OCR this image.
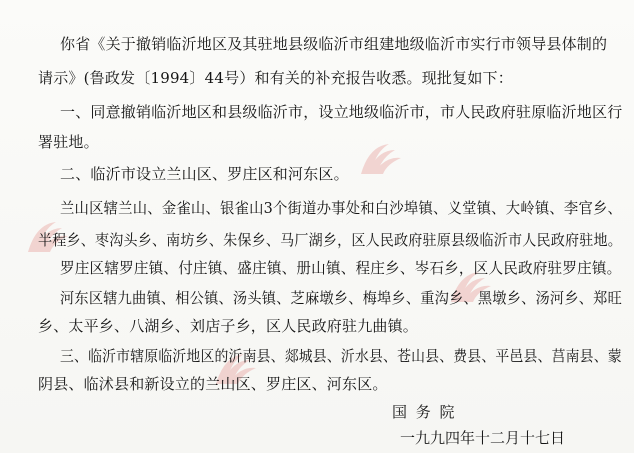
你省《关于撤销临沂地区及其驻地县级临沂市组建地级临沂市实行市领导县体制的
请示》(鲁政发〔1994〕44号）和有关的补充报告收悉。现批复如下：
一、同意撤销临沂地区和县级临沂市，设立地级临沂市，市人民政府驻原临沂地区行
署驻地。
二、临沂市设立兰山区、罗庄区和河东区。
兰山区辖兰山、金雀山、银雀山3个街道办事处和白沙埠镇、义堂镇、大岭镇、李官乡、
半程乡、枣沟头乡、南坊乡、朱保乡、马厂湖乡，区人民政府驻原县级临沂市人民政府驻地。
罗庄区辖罗庄镇、付庄镇、盛庄镇、册山镇、程庄乡、岑石乡，区人民政府驻罗庄镇。
河东区辖九曲镇、相公镇、汤头镇、芝麻墩乡、梅埠乡、重沟乡、黑墩乡、汤河乡、郑旺
乡、太平乡、八湖乡、刘店子乡，区人民政府驻九曲镇。
三、临沂市辖原临沂地区的沂南县、郯城县、沂水县、苍山县、费县、平邑县、莒南县、蒙
阴县、临沭县和新设立的兰山区、罗庄区、河东区。
国 务 院
一九九四年十二月十七日
